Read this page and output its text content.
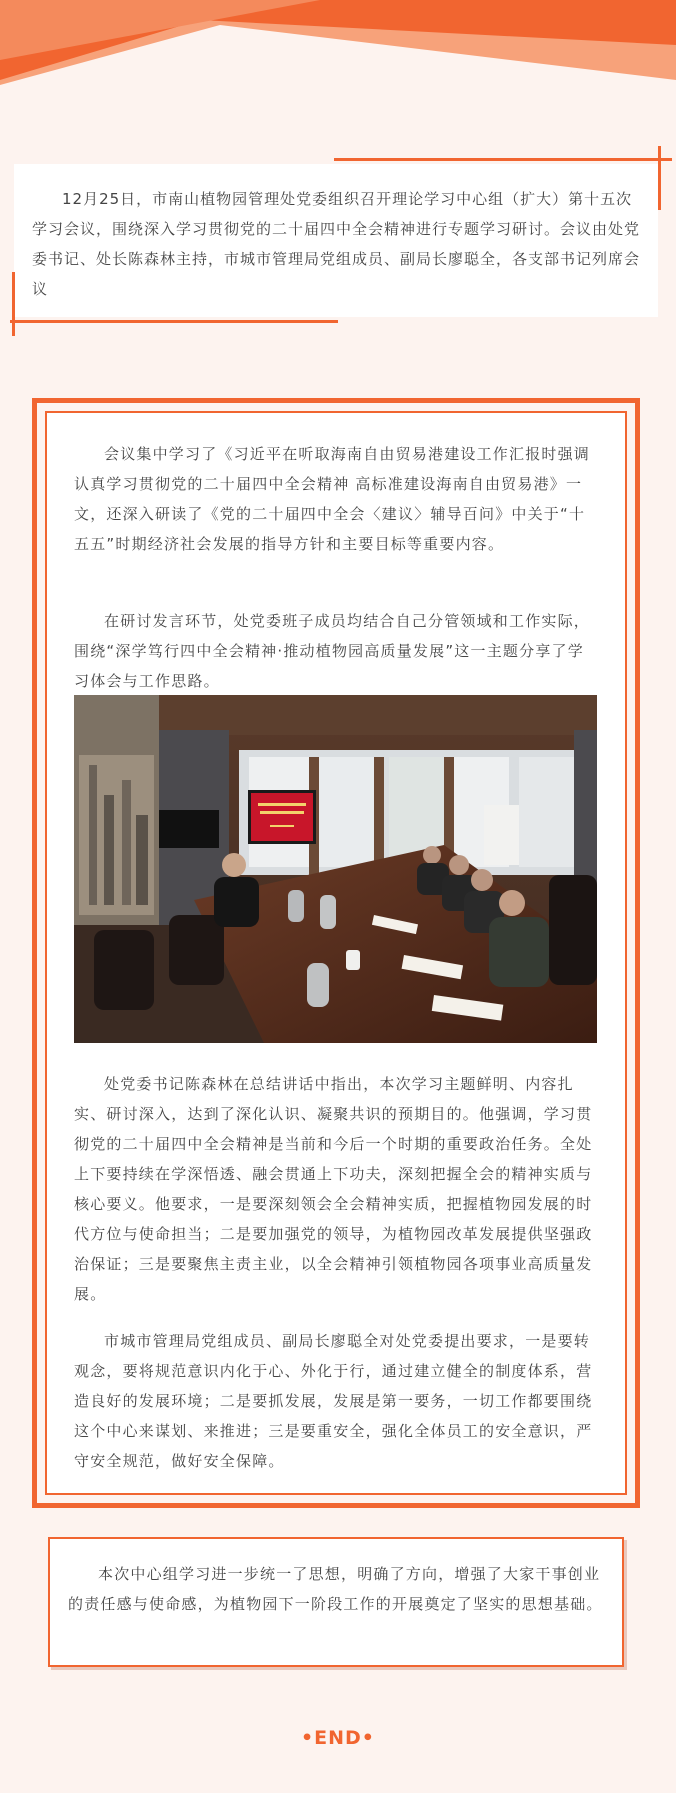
12月25日，市南山植物园管理处党委组织召开理论学习中心组（扩大）第十五次学习会议，围绕深入学习贯彻党的二十届四中全会精神进行专题学习研讨。会议由处党委书记、处长陈森林主持，市城市管理局党组成员、副局长廖聪全，各支部书记列席会议

会议集中学习了《习近平在听取海南自由贸易港建设工作汇报时强调 认真学习贯彻党的二十届四中全会精神 高标准建设海南自由贸易港》一文，还深入研读了《党的二十届四中全会〈建议〉辅导百问》中关于“十五五”时期经济社会发展的指导方针和主要目标等重要内容。

在研讨发言环节，处党委班子成员均结合自己分管领域和工作实际，围绕“深学笃行四中全会精神·推动植物园高质量发展”这一主题分享了学习体会与工作思路。

处党委书记陈森林在总结讲话中指出，本次学习主题鲜明、内容扎实、研讨深入，达到了深化认识、凝聚共识的预期目的。他强调，学习贯彻党的二十届四中全会精神是当前和今后一个时期的重要政治任务。全处上下要持续在学深悟透、融会贯通上下功夫，深刻把握全会的精神实质与核心要义。他要求，一是要深刻领会全会精神实质，把握植物园发展的时代方位与使命担当；二是要加强党的领导，为植物园改革发展提供坚强政治保证；三是要聚焦主责主业，以全会精神引领植物园各项事业高质量发展。

市城市管理局党组成员、副局长廖聪全对处党委提出要求，一是要转观念，要将规范意识内化于心、外化于行，通过建立健全的制度体系，营造良好的发展环境；二是要抓发展，发展是第一要务，一切工作都要围绕这个中心来谋划、来推进；三是要重安全，强化全体员工的安全意识，严守安全规范，做好安全保障。

本次中心组学习进一步统一了思想，明确了方向，增强了大家干事创业的责任感与使命感，为植物园下一阶段工作的开展奠定了坚实的思想基础。

•END•
